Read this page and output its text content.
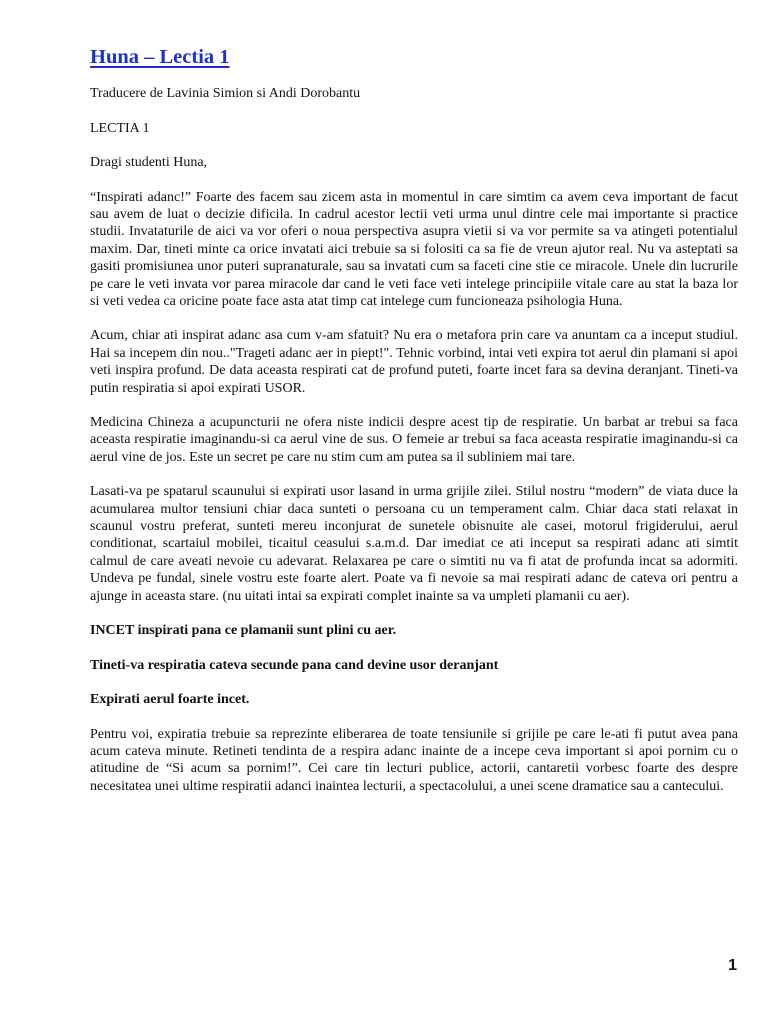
Huna – Lectia 1

Traducere de Lavinia Simion si Andi Dorobantu

LECTIA 1

Dragi studenti Huna,

“Inspirati adanc!” Foarte des facem sau zicem asta in momentul in care simtim ca avem ceva important de facut sau avem de luat o decizie dificila. In cadrul acestor lectii veti urma unul dintre cele mai importante si practice studii. Invataturile de aici va vor oferi o noua perspectiva asupra vietii si va vor permite sa va atingeti potentialul maxim. Dar, tineti minte ca orice invatati aici trebuie sa si folositi ca sa fie de vreun ajutor real. Nu va asteptati sa gasiti promisiunea unor puteri supranaturale, sau sa invatati cum sa faceti cine stie ce miracole. Unele din lucrurile pe care le veti invata vor parea miracole dar cand le veti face veti intelege principiile vitale care au stat la baza lor si veti vedea ca oricine poate face asta atat timp cat intelege cum funcioneaza psihologia Huna.

Acum, chiar ati inspirat adanc asa cum v-am sfatuit? Nu era o metafora prin care va anuntam ca a inceput studiul. Hai sa incepem din nou.."Trageti adanc aer in piept!". Tehnic vorbind, intai veti expira tot aerul din plamani si apoi veti inspira profund. De data aceasta respirati cat de profund puteti, foarte incet fara sa devina deranjant. Tineti-va putin respiratia si apoi expirati USOR.

Medicina Chineza a acupuncturii ne ofera niste indicii despre acest tip de respiratie. Un barbat ar trebui sa faca aceasta respiratie imaginandu-si ca aerul vine de sus. O femeie ar trebui sa faca aceasta respiratie imaginandu-si ca aerul vine de jos. Este un secret pe care nu stim cum am putea sa il subliniem mai tare.

Lasati-va pe spatarul scaunului si expirati usor lasand in urma grijile zilei. Stilul nostru “modern” de viata duce la acumularea multor tensiuni chiar daca sunteti o persoana cu un temperament calm. Chiar daca stati relaxat in scaunul vostru preferat, sunteti mereu inconjurat de sunetele obisnuite ale casei, motorul frigiderului, aerul conditionat, scartaiul mobilei, ticaitul ceasului s.a.m.d. Dar imediat ce ati inceput sa respirati adanc ati simtit calmul de care aveati nevoie cu adevarat. Relaxarea pe care o simtiti nu va fi atat de profunda incat sa adormiti. Undeva pe fundal, sinele vostru este foarte alert. Poate va fi nevoie sa mai respirati adanc de cateva ori pentru a ajunge in aceasta stare. (nu uitati intai sa expirati complet inainte sa va umpleti plamanii cu aer).

INCET inspirati pana ce plamanii sunt plini cu aer.

Tineti-va respiratia cateva secunde pana cand devine usor deranjant

Expirati aerul foarte incet.

Pentru voi, expiratia trebuie sa reprezinte eliberarea de toate tensiunile si grijile pe care le-ati fi putut avea pana acum cateva minute. Retineti tendinta de a respira adanc inainte de a incepe ceva important si apoi pornim cu o atitudine de “Si acum sa pornim!”. Cei care tin lecturi publice, actorii, cantaretii vorbesc foarte des despre necesitatea unei ultime respiratii adanci inaintea lecturii, a spectacolului, a unei scene dramatice sau a cantecului.

1
